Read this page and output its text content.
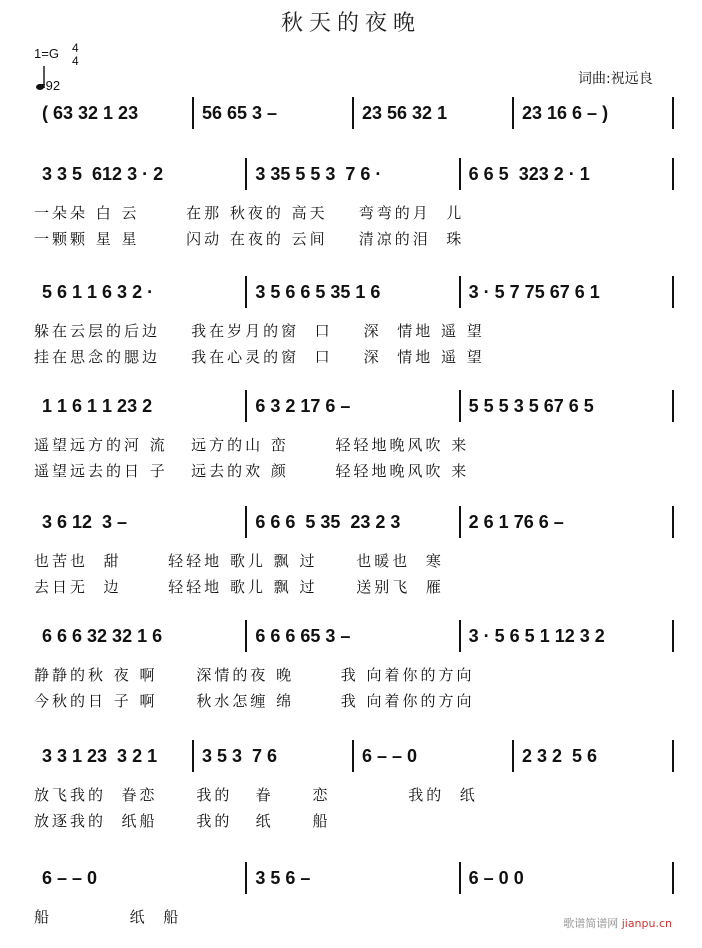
秋天的夜晚
1=G 4
4
=92	词曲:祝远良
( 63 32 1 23	56 65 3 –	23 56 32 1	23 16 6 – )
3 3 5  612 3 · 2	3 35 5 5 3  7 6 ·	6 6 5  323 2 · 1
一朵朵 白 云      在那 秋夜的 高天    弯弯的月  儿
一颗颗 星 星      闪动 在夜的 云间    清凉的泪  珠
5 6 1 1 6 3 2 ·	3 5 6 6 5 35 1 6	3 · 5 7 75 67 6 1
躲在云层的后边    我在岁月的窗  口    深  情地 遥 望
挂在思念的腮边    我在心灵的窗  口    深  情地 遥 望
1 1 6 1 1 23 2	6 3 2 17 6 –	5 5 5 3 5 67 6 5
遥望远方的河 流   远方的山 峦      轻轻地晚风吹 来
遥望远去的日 子   远去的欢 颜      轻轻地晚风吹 来
3 6 12  3 –	6 6 6  5 35  23 2 3	2 6 1 76 6 –
也苦也  甜      轻轻地 歌儿 飘 过     也暖也  寒
去日无  边      轻轻地 歌儿 飘 过     送别飞  雁
6 6 6 32 32 1 6	6 6 6 65 3 –	3 · 5 6 5 1 12 3 2
静静的秋 夜 啊     深情的夜 晚      我 向着你的方向
今秋的日 子 啊     秋水怎缠 绵      我 向着你的方向
3 3 1 23  3 2 1 3 5 3  7 6	6 – – 0	2 3 2  5 6
放飞我的  眷恋     我的   眷     恋          我的  纸
放逐我的  纸船     我的   纸     船
6 – – 0	3 5 6 –	6 – 0 0
船          纸  船	歌谱简谱网 jianpu.cn
